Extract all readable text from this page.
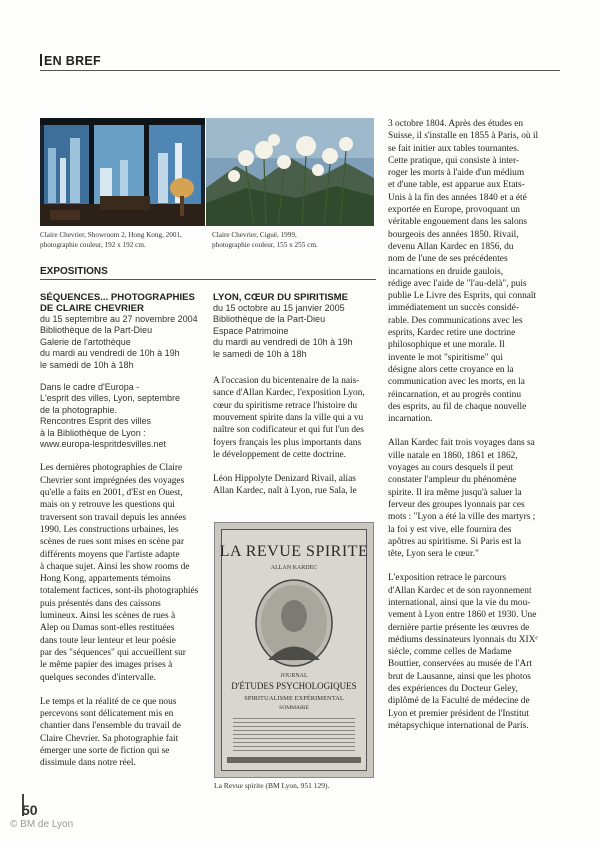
EN BREF
Claire Chevrier, Showroom 2, Hong Kong, 2001,
photographie couleur, 192 x 192 cm.
Claire Chevrier, Ciguë, 1999,
photographie couleur, 155 x 255 cm.
EXPOSITIONS
SÉQUENCES... PHOTOGRAPHIES
DE CLAIRE CHEVRIER
du 15 septembre au 27 novembre 2004
Bibliothèque de la Part-Dieu
Galerie de l'artothèque
du mardi au vendredi de 10h à 19h
le samedi de 10h à 18h
Dans le cadre d'Europa -
L'esprit des villes, Lyon, septembre
de la photographie.
Rencontres Esprit des villes
à la Bibliothèque de Lyon :
www.europa-lespritdesvilles.net

Les dernières photographies de Claire
Chevrier sont imprégnées des voyages
qu'elle a faits en 2001, d'Est en Ouest,
mais on y retrouve les questions qui
traversent son travail depuis les années
1990. Les constructions urbaines, les
scènes de rues sont mises en scène par
différents moyens que l'artiste adapte
à chaque sujet. Ainsi les show rooms de
Hong Kong, appartements témoins
totalement factices, sont-ils photographiés
puis présentés dans des caissons
lumineux. Ainsi les scènes de rues à
Alep ou Damas sont-elles restituées
dans toute leur lenteur et leur poésie
par des "séquences" qui accueillent sur
le même papier des images prises à
quelques secondes d'intervalle.

Le temps et la réalité de ce que nous
percevons sont délicatement mis en
chantier dans l'ensemble du travail de
Claire Chevrier. Sa photographie fait
émerger une sorte de fiction qui se
dissimule dans notre réel.

LYON, CŒUR DU SPIRITISME
du 15 octobre au 15 janvier 2005
Bibliothèque de la Part-Dieu
Espace Patrimoine
du mardi au vendredi de 10h à 19h
le samedi de 10h à 18h

A l'occasion du bicentenaire de la nais-
sance d'Allan Kardec, l'exposition Lyon,
cœur du spiritisme retrace l'histoire du
mouvement spirite dans la ville qui a vu
naître son codificateur et qui fut l'un des
foyers français les plus importants dans
le développement de cette doctrine.

Léon Hippolyte Denizard Rivail, alias
Allan Kardec, naît à Lyon, rue Sala, le

LA REVUE SPIRITE
ALLAN KARDEC
JOURNAL
D'ÉTUDES PSYCHOLOGIQUES
SPIRITUALISME EXPÉRIMENTAL
SOMMAIRE
La Revue spirite (BM Lyon, 951 129).

3 octobre 1804. Après des études en
Suisse, il s'installe en 1855 à Paris, où il
se fait initier aux tables tournantes.
Cette pratique, qui consiste à inter-
roger les morts à l'aide d'un médium
et d'une table, est apparue aux Etats-
Unis à la fin des années 1840 et a été
exportée en Europe, provoquant un
véritable engouement dans les salons
bourgeois des années 1850. Rivail,
devenu Allan Kardec en 1856, du
nom de l'une de ses précédentes
incarnations en druide gaulois,
rédige avec l'aide de "l'au-delà", puis
publie Le Livre des Esprits, qui connaît
immédiatement un succès considé-
rable. Des communications avec les
esprits, Kardec retire une doctrine
philosophique et une morale. Il
invente le mot "spiritisme" qui
désigne alors cette croyance en la
communication avec les morts, en la
réincarnation, et au progrès continu
des esprits, au fil de chaque nouvelle
incarnation.

Allan Kardec fait trois voyages dans sa
ville natale en 1860, 1861 et 1862,
voyages au cours desquels il peut
constater l'ampleur du phénomène
spirite. Il ira même jusqu'à saluer la
ferveur des groupes lyonnais par ces
mots : "Lyon a été la ville des martyrs ;
la foi y est vive, elle fournira des
apôtres au spiritisme. Si Paris est la
tête, Lyon sera le cœur."

L'exposition retrace le parcours
d'Allan Kardec et de son rayonnement
international, ainsi que la vie du mou-
vement à Lyon entre 1860 et 1930. Une
dernière partie présente les œuvres de
médiums dessinateurs lyonnais du XIXᵉ
siècle, comme celles de Madame
Bouttier, conservées au musée de l'Art
brut de Lausanne, ainsi que les photos
des expériences du Docteur Geley,
diplômé de la Faculté de médecine de
Lyon et premier président de l'Institut
métapsychique international de Paris.

50
© BM de Lyon
